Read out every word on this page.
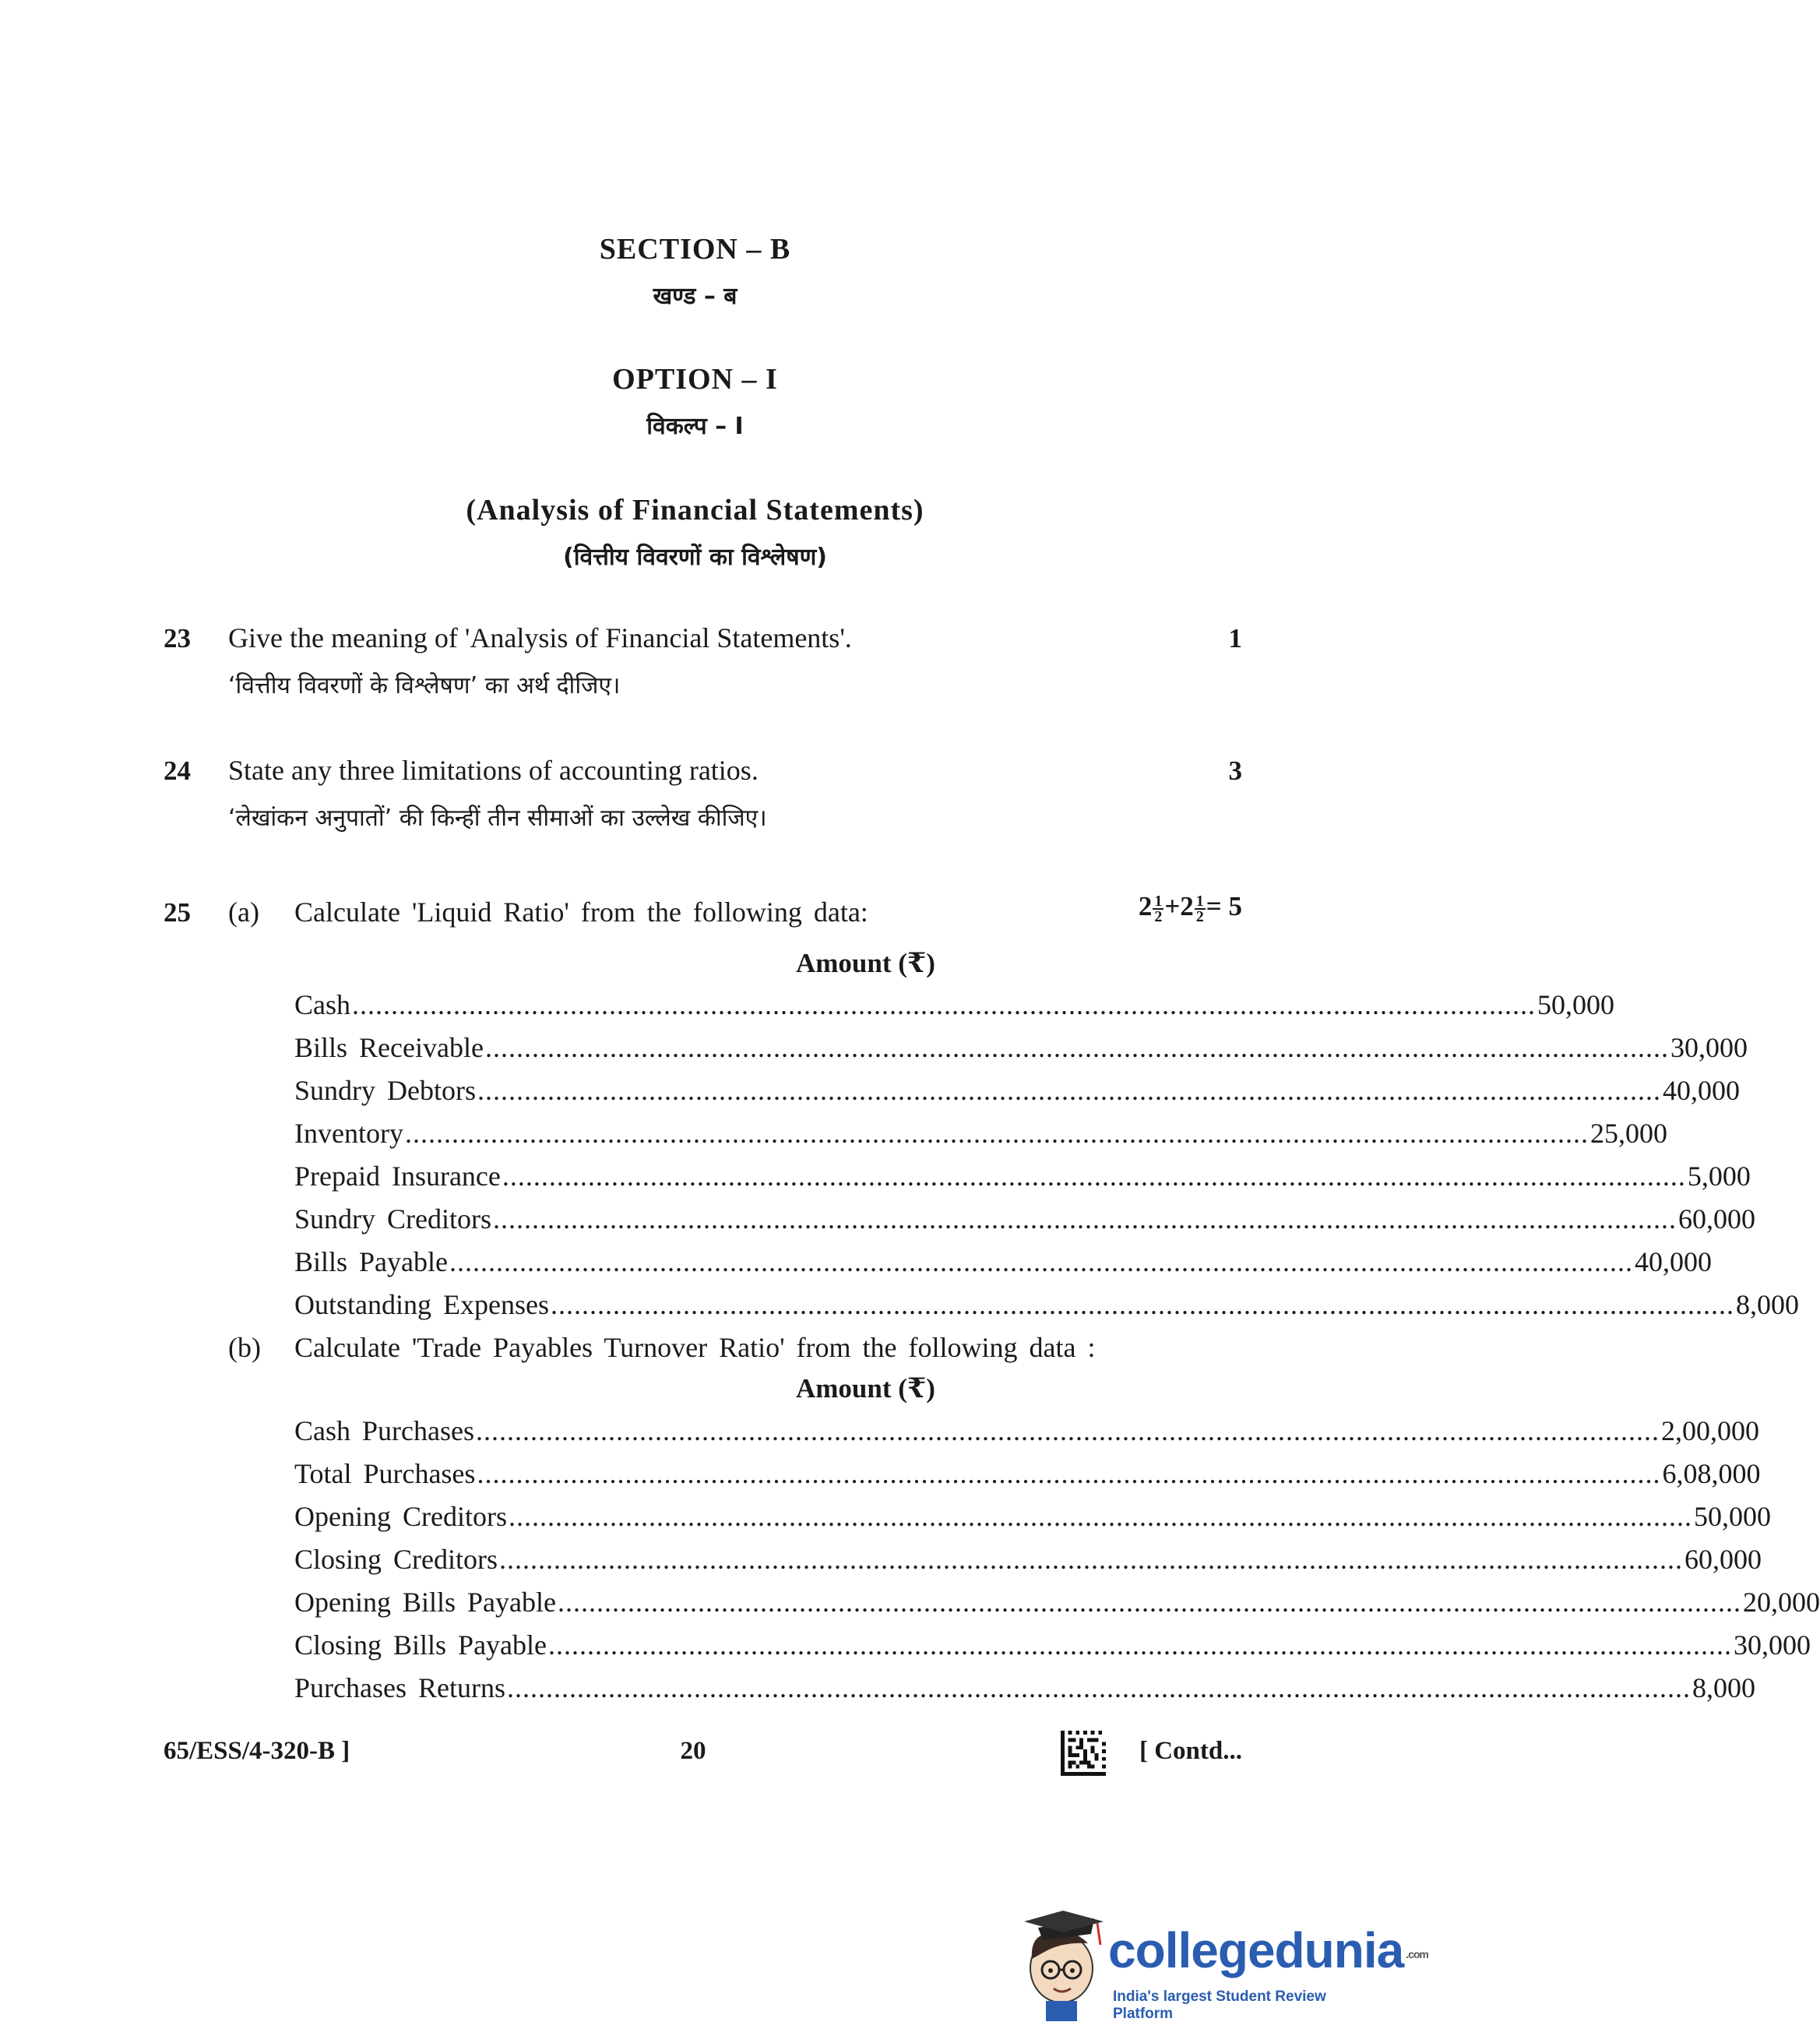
SECTION – B
खण्ड – ब
OPTION – I
विकल्प – I
(Analysis of Financial Statements)
(वित्तीय विवरणों का विश्लेषण)
23 Give the meaning of 'Analysis of Financial Statements'.	1
‘वित्तीय विवरणों के विश्लेषण’ का अर्थ दीजिए।
24 State any three limitations of accounting ratios.	3
‘लेखांकन अनुपातों’ की किन्हीं तीन सीमाओं का उल्लेख कीजिए।
25 (a) Calculate 'Liquid Ratio' from the following data:	$2 \frac{1}{2} +2 \frac{1}{2} = 5$
Amount (₹)
Cash .....	50,000
Bills Receivable .....	30,000
Sundry Debtors .....	40,000
Inventory .....	25,000
Prepaid Insurance .....	5,000
Sundry Creditors .....	60,000
Bills Payable .....	40,000
Outstanding Expenses .....	8,000
(b) Calculate 'Trade Payables Turnover Ratio' from the following data :
Amount (₹)
Cash Purchases .....	2,00,000
Total Purchases .....	6,08,000
Opening Creditors .....	50,000
Closing Creditors .....	60,000
Opening Bills Payable .....	20,000
Closing Bills Payable .....	30,000
Purchases Returns .....	8,000
65/ESS/4-320-B ]	20	[ Contd...
collegedunia .com
India's largest Student Review Platform
